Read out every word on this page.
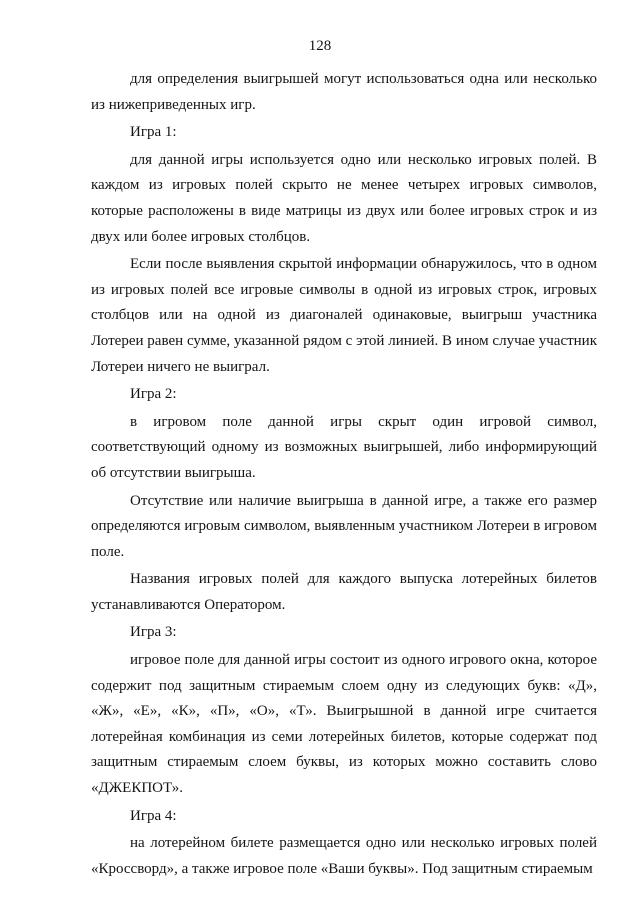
128

для определения выигрышей могут использоваться одна или несколько из нижеприведенных игр.

Игра 1:

для данной игры используется одно или несколько игровых полей. В каждом из игровых полей скрыто не менее четырех игровых символов, которые расположены в виде матрицы из двух или более игровых строк и из двух или более игровых столбцов.

Если после выявления скрытой информации обнаружилось, что в одном из игровых полей все игровые символы в одной из игровых строк, игровых столбцов или на одной из диагоналей одинаковые, выигрыш участника Лотереи равен сумме, указанной рядом с этой линией. В ином случае участник Лотереи ничего не выиграл.

Игра 2:

в игровом поле данной игры скрыт один игровой символ, соответствующий одному из возможных выигрышей, либо информирующий об отсутствии выигрыша.

Отсутствие или наличие выигрыша в данной игре, а также его размер определяются игровым символом, выявленным участником Лотереи в игровом поле.

Названия игровых полей для каждого выпуска лотерейных билетов устанавливаются Оператором.

Игра 3:

игровое поле для данной игры состоит из одного игрового окна, которое содержит под защитным стираемым слоем одну из следующих букв: «Д», «Ж», «Е», «К», «П», «О», «Т». Выигрышной в данной игре считается лотерейная комбинация из семи лотерейных билетов, которые содержат под защитным стираемым слоем буквы, из которых можно составить слово «ДЖЕКПОТ».

Игра 4:

на лотерейном билете размещается одно или несколько игровых полей «Кроссворд», а также игровое поле «Ваши буквы». Под защитным стираемым
